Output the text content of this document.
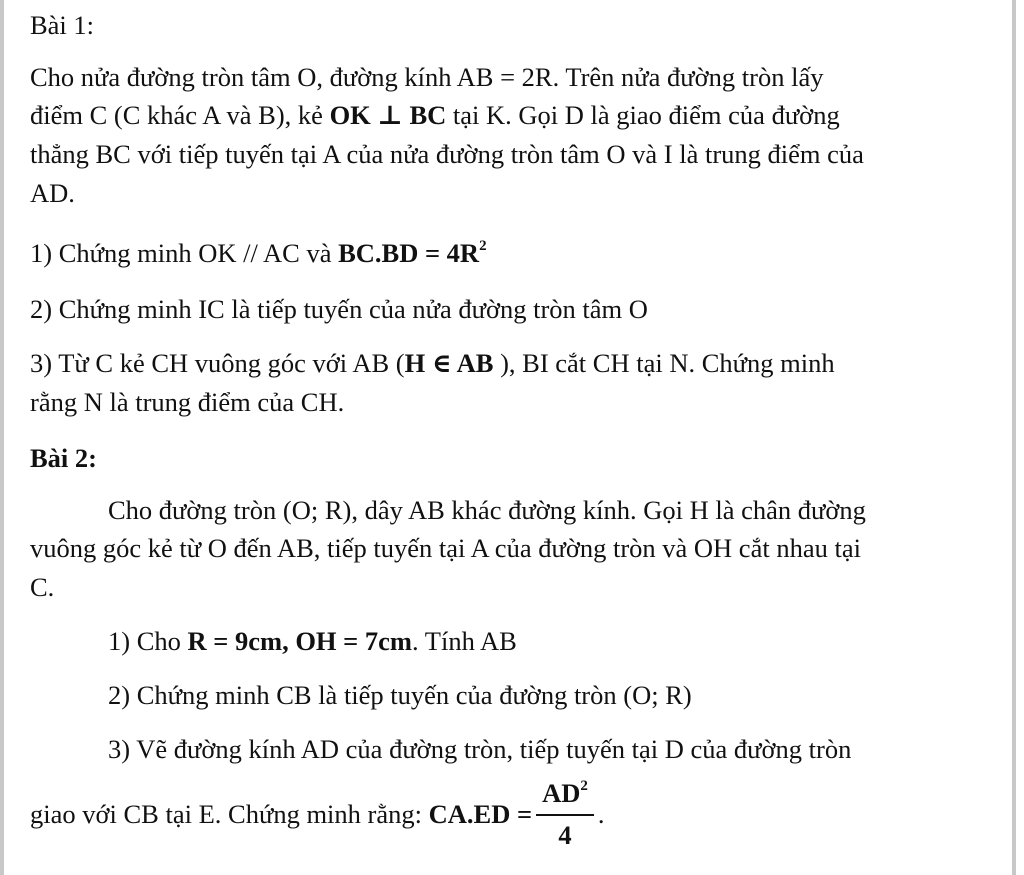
Bài 1:
Cho nửa đường tròn tâm O, đường kính AB = 2R. Trên nửa đường tròn lấy
điểm C (C khác A và B), kẻ OK ⊥ BC tại K. Gọi D là giao điểm của đường
thẳng BC với tiếp tuyến tại A của nửa đường tròn tâm O và I là trung điểm của
AD.
1) Chứng minh OK // AC và $BC.BD = 4R^2$
2) Chứng minh IC là tiếp tuyến của nửa đường tròn tâm O
3) Từ C kẻ CH vuông góc với AB (H ∈ AB ), BI cắt CH tại N. Chứng minh
rằng N là trung điểm của CH.
Bài 2:
Cho đường tròn (O; R), dây AB khác đường kính. Gọi H là chân đường
vuông góc kẻ từ O đến AB, tiếp tuyến tại A của đường tròn và OH cắt nhau tại
C.
1) Cho R = 9cm, OH = 7cm. Tính AB
2) Chứng minh CB là tiếp tuyến của đường tròn (O; R)
3) Vẽ đường kính AD của đường tròn, tiếp tuyến tại D của đường tròn
giao với CB tại E. Chứng minh rằng: $CA.ED = \frac{AD^2}{4}$ .
